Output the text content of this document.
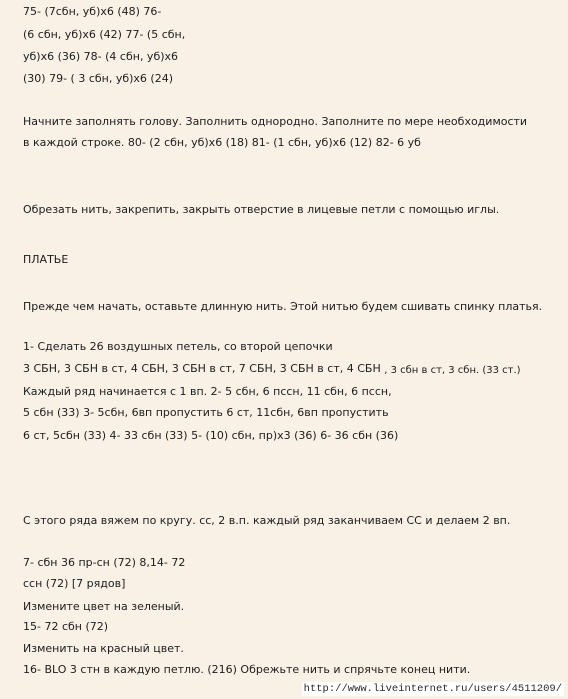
75- (7сбн, уб)х6 (48) 76-
(6 сбн, уб)х6 (42) 77- (5 сбн,
уб)х6 (36) 78- (4 сбн, уб)х6
(30) 79- ( 3 сбн, уб)х6 (24)
Начните заполнять голову. Заполнить однородно. Заполните по мере необходимости
в каждой строке. 80- (2 сбн, уб)х6 (18) 81- (1 сбн, уб)х6 (12) 82- 6 уб
Обрезать нить, закрепить, закрыть отверстие в лицевые петли с помощью иглы.
ПЛАТЬЕ
Прежде чем начать, оставьте длинную нить. Этой нитью будем сшивать спинку платья.
1- Сделать 26 воздушных петель, со второй цепочки
3 СБН, 3 СБН в ст, 4 СБН, 3 СБН в ст, 7 СБН, 3 СБН в ст, 4 СБН , 3 сбн в ст, 3 сбн. (33 ст.)
Каждый ряд начинается с 1 вп. 2- 5 сбн, 6 пссн, 11 сбн, 6 пссн,
5 сбн (33) 3- 5сбн, 6вп пропустить 6 ст, 11сбн, 6вп пропустить
6 ст, 5сбн (33) 4- 33 сбн (33) 5- (10) сбн, пр)х3 (36) 6- 36 сбн (36)
С этого ряда вяжем по кругу. сс, 2 в.п. каждый ряд заканчиваем СС и делаем 2 вп.
7- сбн 36 пр-сн (72) 8,14- 72
ссн (72) [7 рядов]
Измените цвет на зеленый.
15- 72 сбн (72)
Изменить на красный цвет.
16- BLO 3 стн в каждую петлю. (216) Обрежьте нить и спрячьте конец нити.
http://www.liveinternet.ru/users/4511209/
